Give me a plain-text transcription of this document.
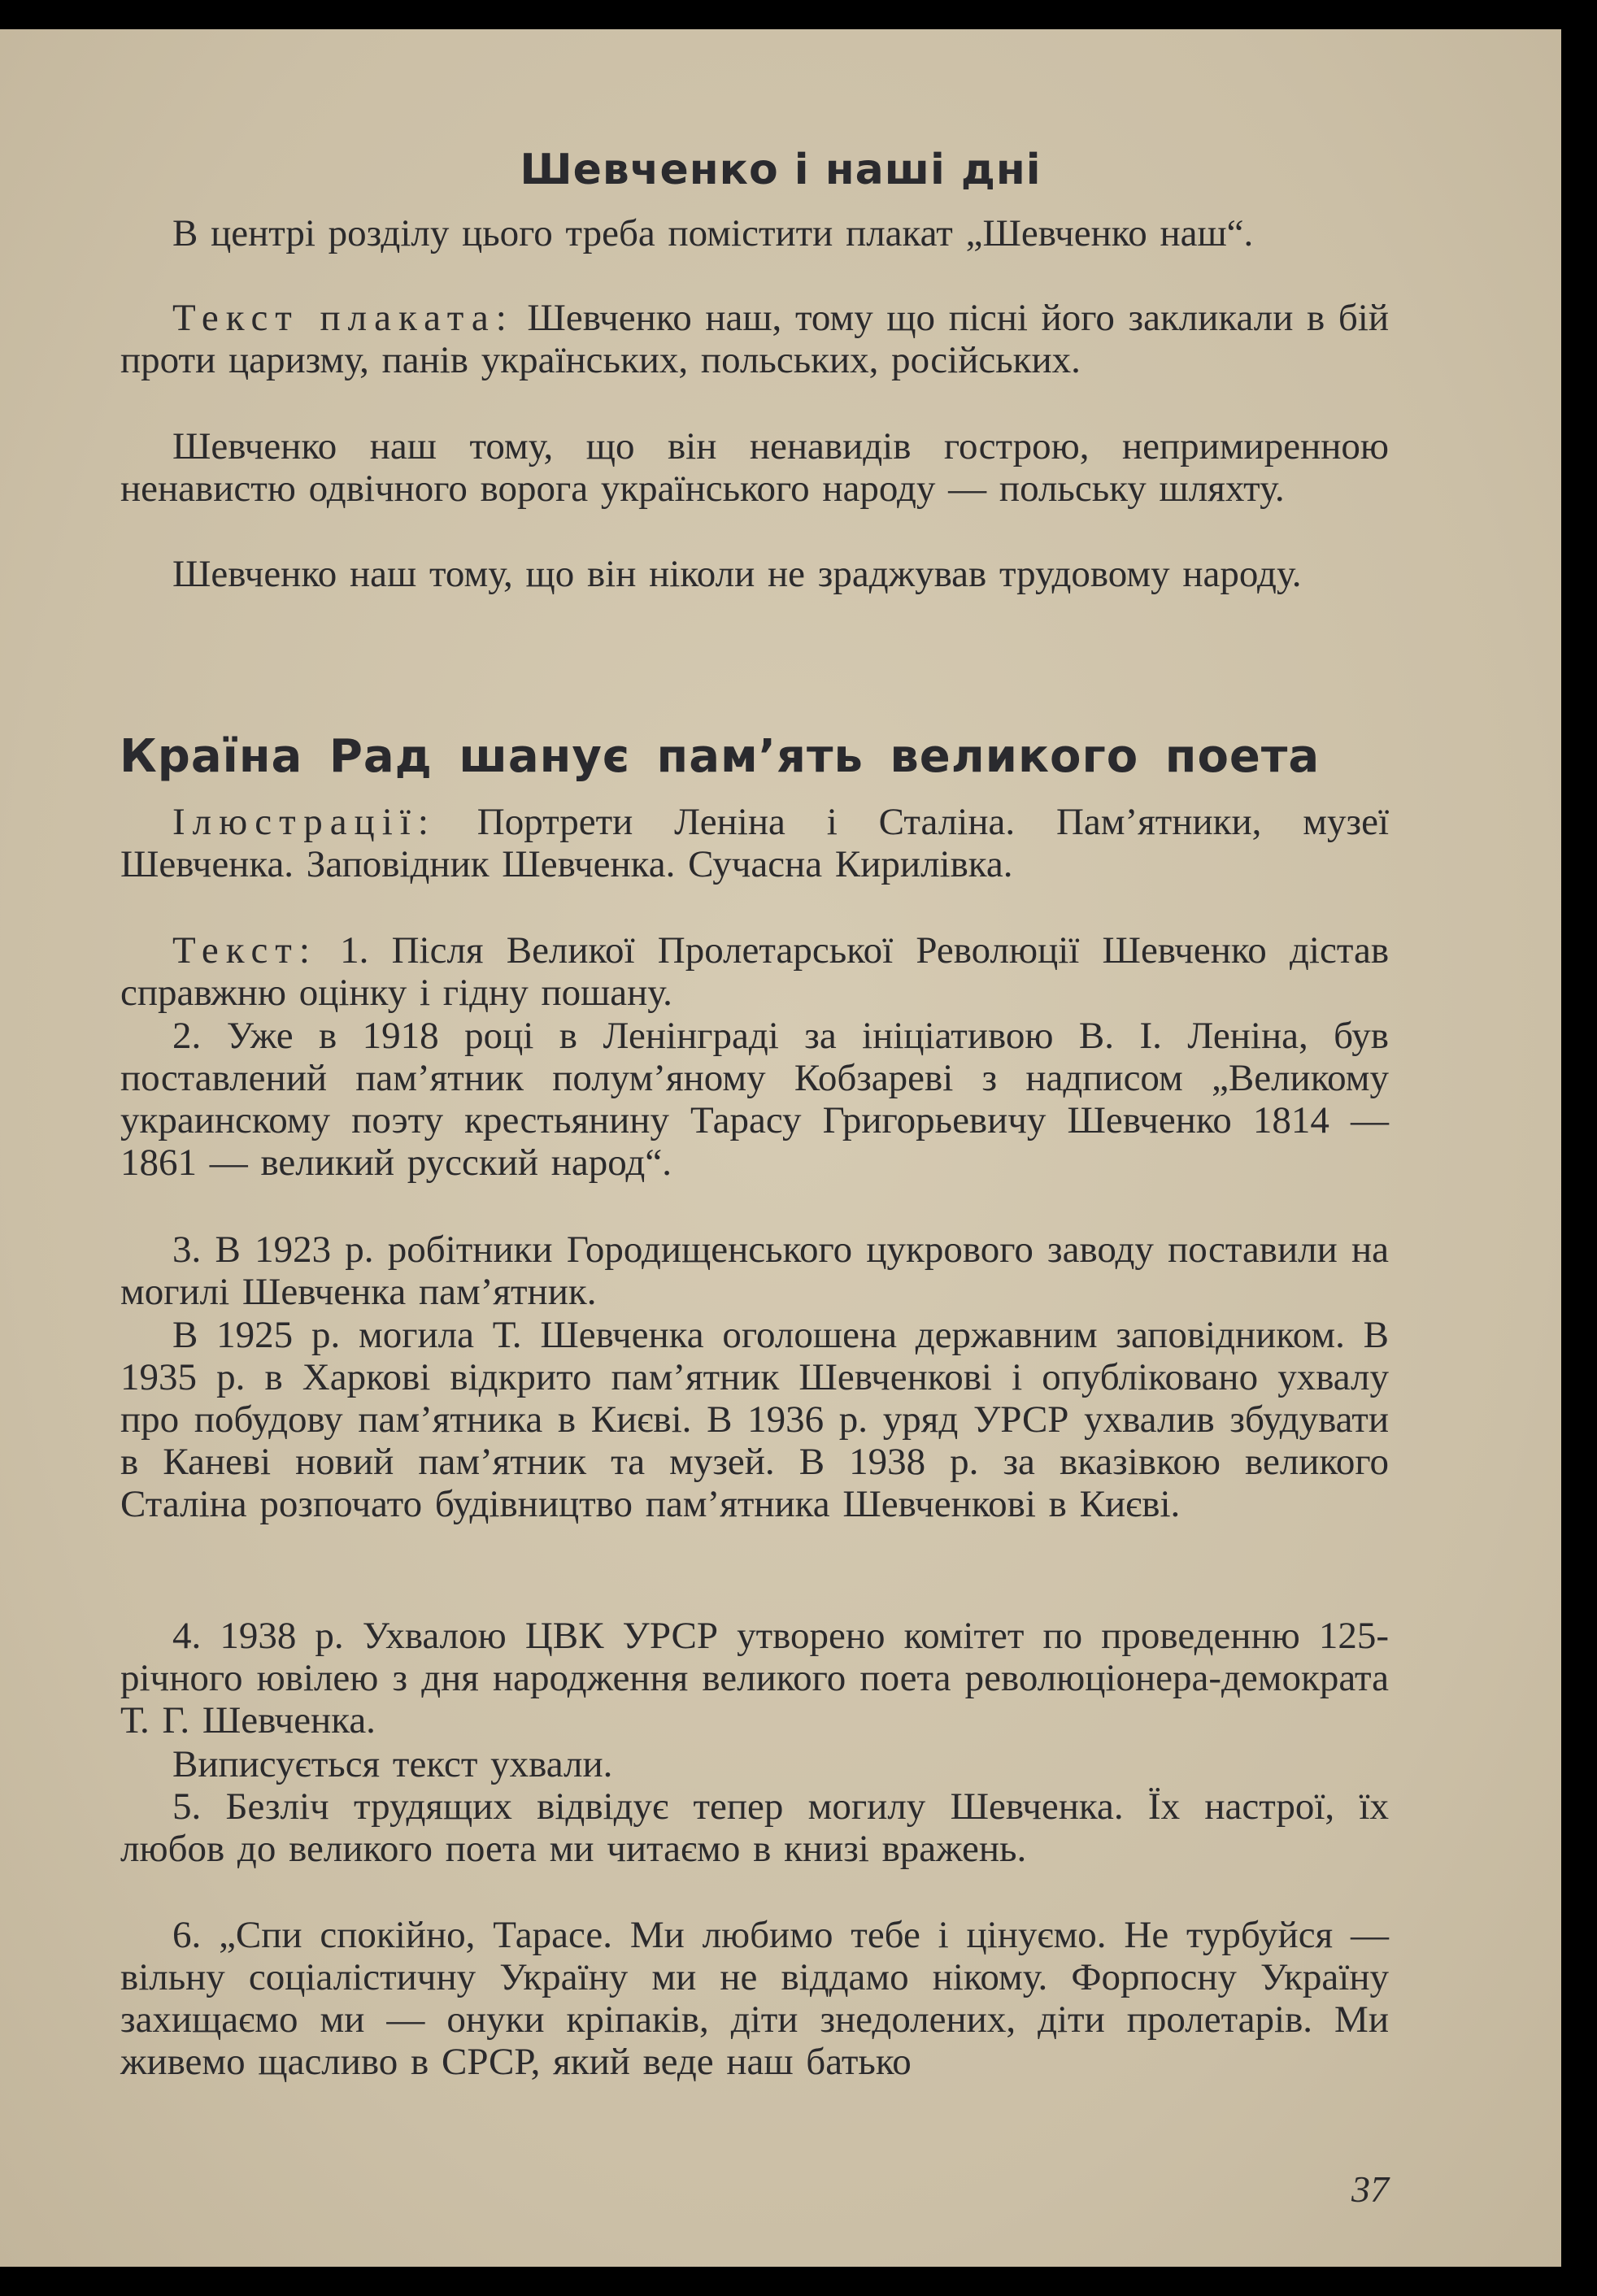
Шевченко і наші дні
В центрі розділу цього треба помістити плакат „Шевченко наш“.
Текст плаката: Шевченко наш, тому що пісні його закликали в бій проти царизму, панів українських, польських, російських.
Шевченко наш тому, що він ненавидів гострою, непримиренною ненавистю одвічного ворога українського народу — польську шляхту.
Шевченко наш тому, що він ніколи не зраджував трудовому народу.
Країна Рад шанує пам’ять великого поета
Ілюстрації: Портрети Леніна і Сталіна. Пам’ятники, музеї Шевченка. Заповідник Шевченка. Сучасна Кирилівка.
Текст: 1. Після Великої Пролетарської Революції Шевченко дістав справжню оцінку і гідну пошану.
2. Уже в 1918 році в Ленінграді за ініціативою В. І. Леніна, був поставлений пам’ятник полум’яному Кобзареві з надписом „Великому украинскому поэту крестьянину Тарасу Григорьевичу Шевченко 1814 — 1861 — великий русский народ“.
3. В 1923 р. робітники Городищенського цукрового заводу поставили на могилі Шевченка пам’ятник.
В 1925 р. могила Т. Шевченка оголошена державним заповідником. В 1935 р. в Харкові відкрито пам’ятник Шевченкові і опубліковано ухвалу про побудову пам’ятника в Києві. В 1936 р. уряд УРСР ухвалив збудувати в Каневі новий пам’ятник та музей. В 1938 р. за вказівкою великого Сталіна розпочато будівництво пам’ятника Шевченкові в Києві.
4. 1938 р. Ухвалою ЦВК УРСР утворено комітет по проведенню 125-річного ювілею з дня народження великого поета революціонера-демократа Т. Г. Шевченка.
Виписується текст ухвали.
5. Безліч трудящих відвідує тепер могилу Шевченка. Їх настрої, їх любов до великого поета ми читаємо в книзі вражень.
6. „Спи спокійно, Тарасе. Ми любимо тебе і цінуємо. Не турбуйся — вільну соціалістичну Україну ми не віддамо нікому. Форпосну Україну захищаємо ми — онуки кріпаків, діти знедолених, діти пролетарів. Ми живемо щасливо в СРСР, який веде наш батько
37
